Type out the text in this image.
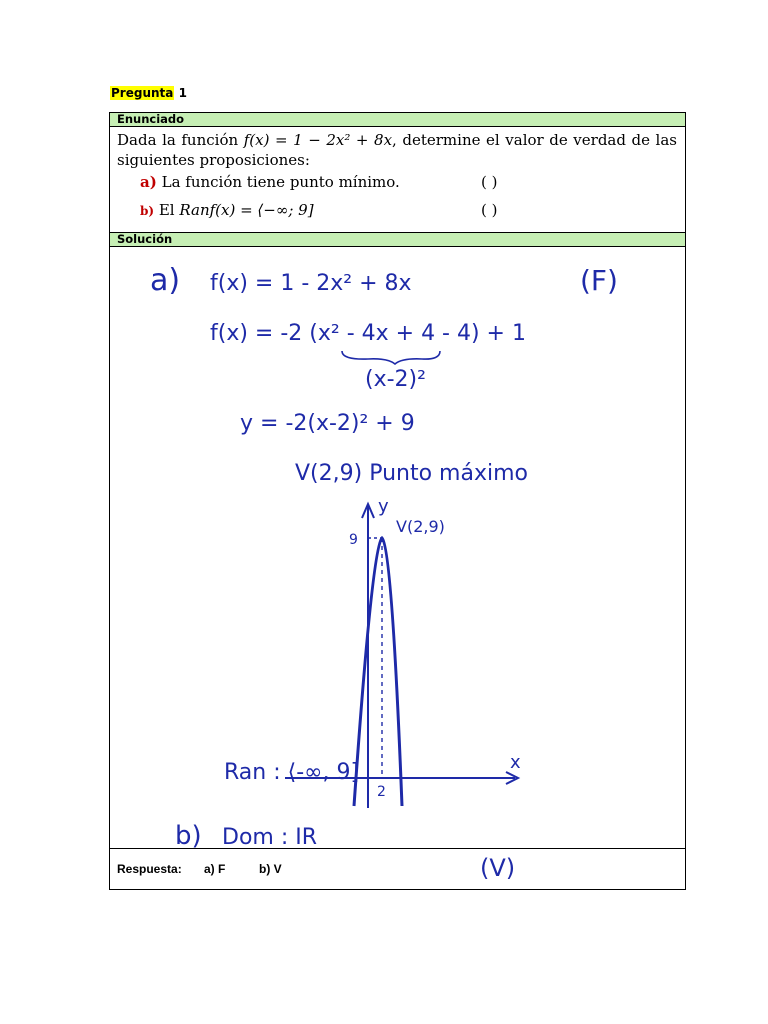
Pregunta 1
Enunciado
Dada la función f(x) = 1 − 2x² + 8x, determine el valor de verdad de las siguientes proposiciones:
a) La función tiene punto mínimo.	( )
b) El Ranf(x) = ⟨−∞; 9]	( )
Solución
a) f(x) = 1 - 2x² + 8x	(F)
f(x) = -2 (x² - 4x + 4 - 4) + 1
(x-2)²
y = -2(x-2)² + 9
V(2,9) Punto máximo
y
x
9
2
V(2,9)
b) Dom : IR
(V)
Respuesta: a) F	b) V
Ran : ⟨-∞, 9]
